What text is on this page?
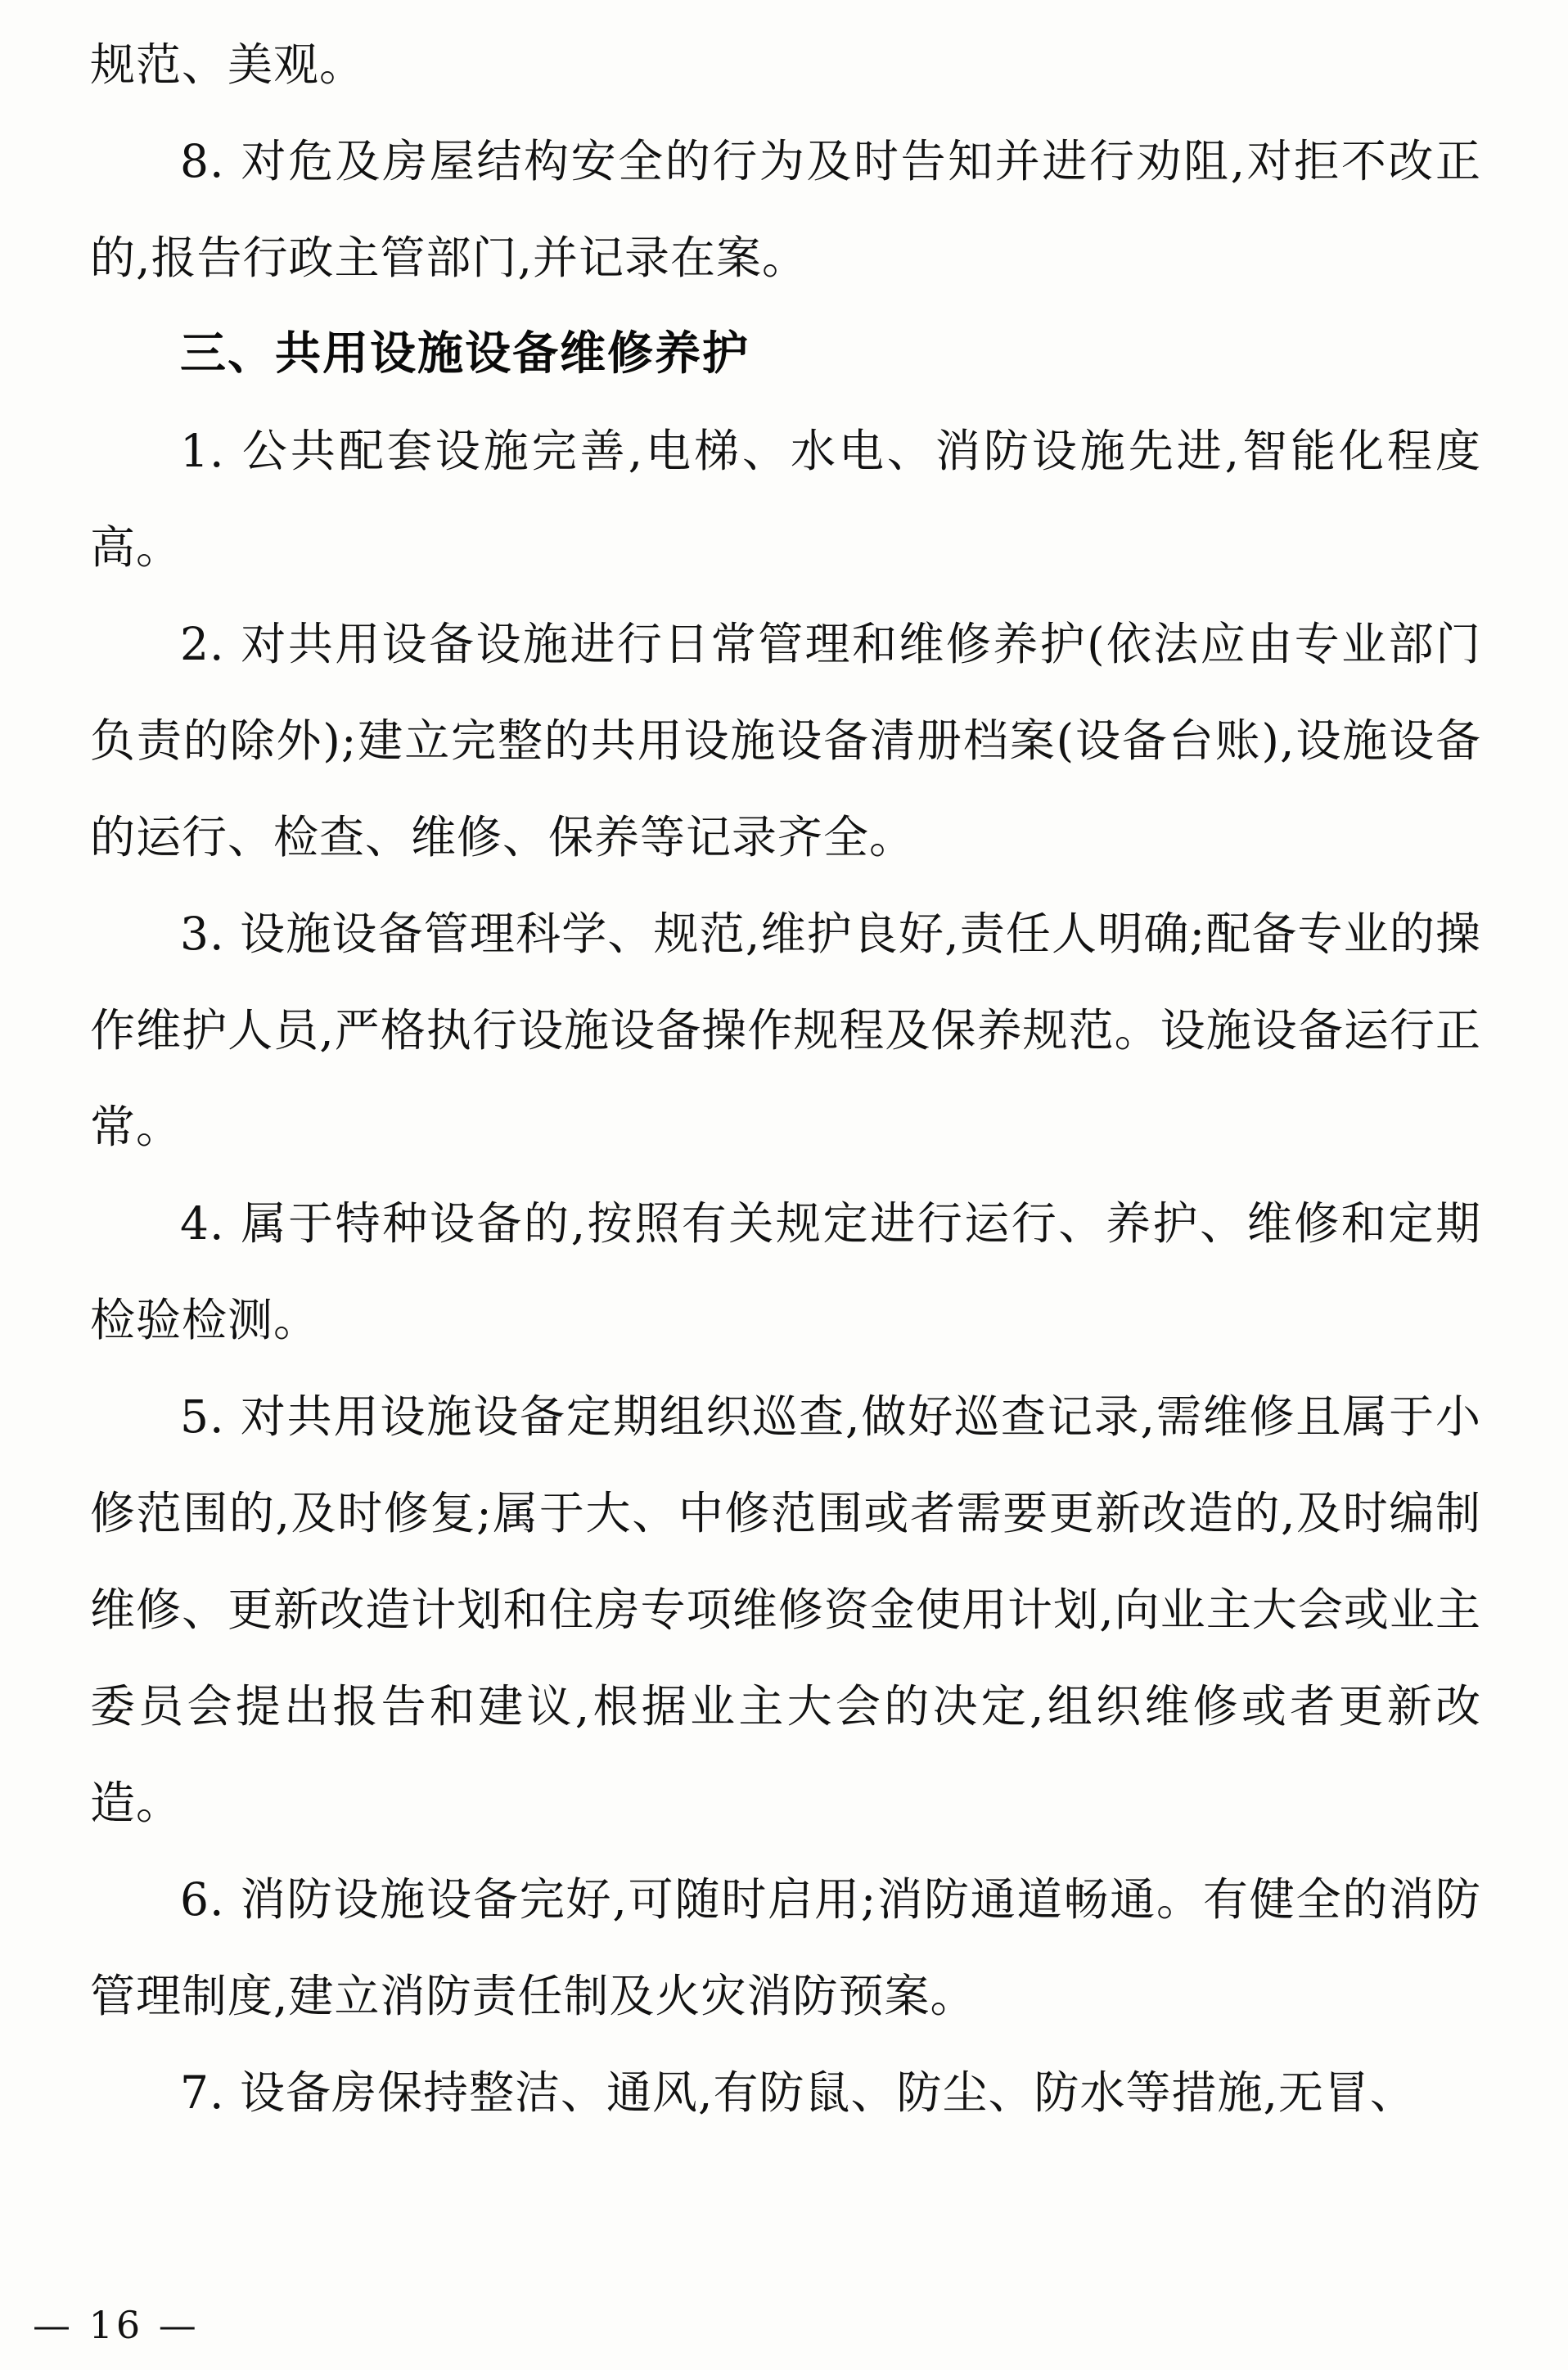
规范、美观。

8. 对危及房屋结构安全的行为及时告知并进行劝阻,对拒不改正的,报告行政主管部门,并记录在案。

三、共用设施设备维修养护

1. 公共配套设施完善,电梯、水电、消防设施先进,智能化程度高。

2. 对共用设备设施进行日常管理和维修养护(依法应由专业部门负责的除外);建立完整的共用设施设备清册档案(设备台账),设施设备的运行、检查、维修、保养等记录齐全。

3. 设施设备管理科学、规范,维护良好,责任人明确;配备专业的操作维护人员,严格执行设施设备操作规程及保养规范。设施设备运行正常。

4. 属于特种设备的,按照有关规定进行运行、养护、维修和定期检验检测。

5. 对共用设施设备定期组织巡查,做好巡查记录,需维修且属于小修范围的,及时修复;属于大、中修范围或者需要更新改造的,及时编制维修、更新改造计划和住房专项维修资金使用计划,向业主大会或业主委员会提出报告和建议,根据业主大会的决定,组织维修或者更新改造。

6. 消防设施设备完好,可随时启用;消防通道畅通。有健全的消防管理制度,建立消防责任制及火灾消防预案。

7. 设备房保持整洁、通风,有防鼠、防尘、防水等措施,无冒、

— 16 —
